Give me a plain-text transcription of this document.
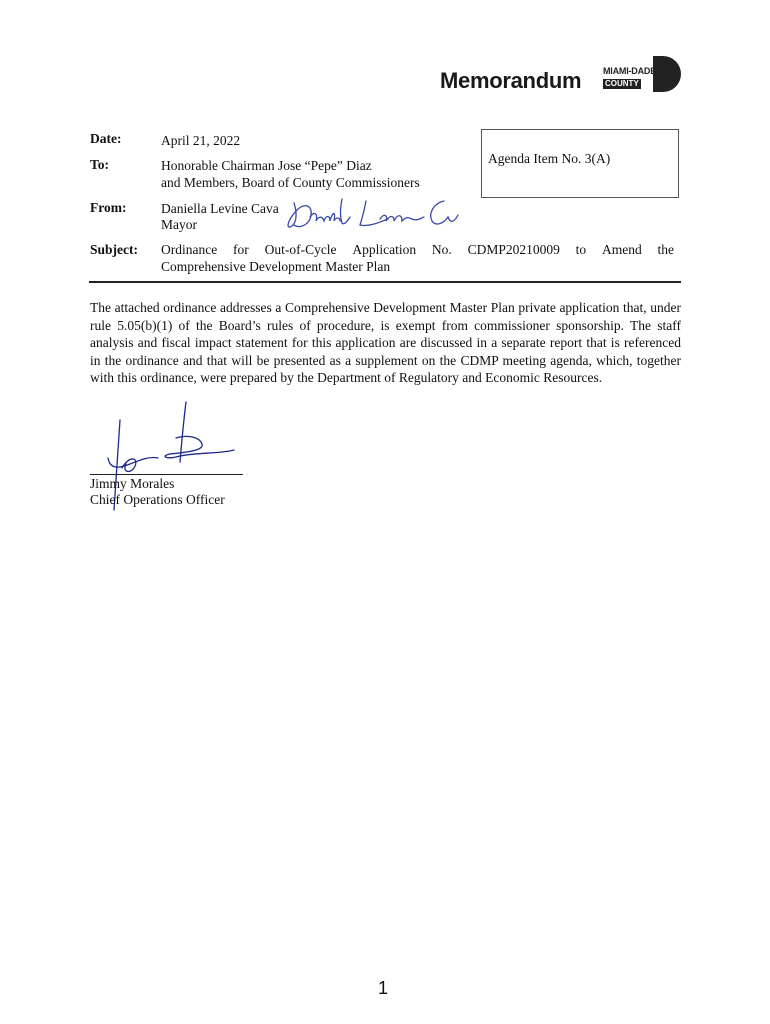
Memorandum MIAMI-DADE
COUNTY
Date:	April 21, 2022
Agenda Item No. 3(A)
To:	Honorable Chairman Jose “Pepe” Diaz
and Members, Board of County Commissioners
From:	Daniella Levine Cava
Mayor
Subject: Ordinance for Out-of-Cycle Application No. CDMP20210009 to Amend the
Comprehensive Development Master Plan
The attached ordinance addresses a Comprehensive Development Master Plan private application that, under rule 5.05(b)(1) of the Board’s rules of procedure, is exempt from commissioner sponsorship. The staff analysis and fiscal impact statement for this application are discussed in a separate report that is referenced in the ordinance and that will be presented as a supplement on the CDMP meeting agenda, which, together with this ordinance, were prepared by the Department of Regulatory and Economic Resources.
Jimmy Morales
Chief Operations Officer
1
